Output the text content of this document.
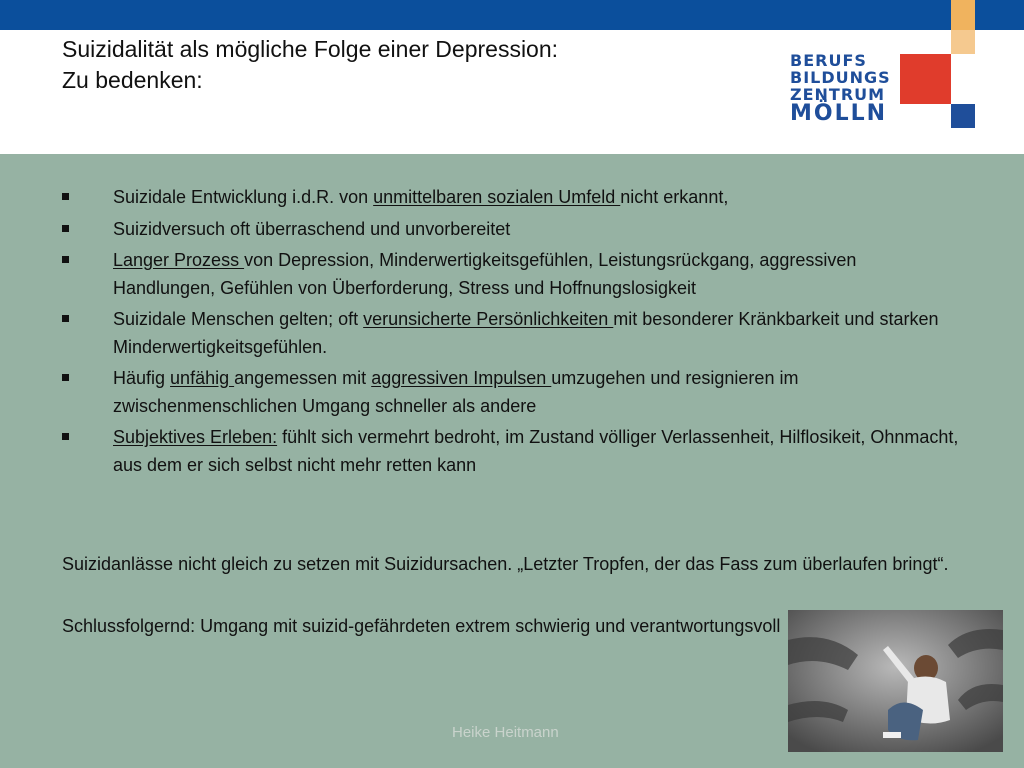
BERUFS
BILDUNGS
ZENTRUM
MÖLLN
Suizidalität als mögliche Folge einer Depression:
Zu bedenken:
Suizidale Entwicklung i.d.R. von unmittelbaren sozialen Umfeld nicht erkannt,
Suizidversuch oft überraschend und unvorbereitet
Langer Prozess von Depression, Minderwertigkeitsgefühlen, Leistungsrückgang, aggressiven Handlungen, Gefühlen von Überforderung, Stress und Hoffnungslosigkeit
Suizidale Menschen gelten; oft verunsicherte Persönlichkeiten mit besonderer Kränkbarkeit und starken Minderwertigkeitsgefühlen.
Häufig unfähig angemessen mit aggressiven Impulsen umzugehen und resignieren im zwischenmenschlichen Umgang schneller als andere
Subjektives Erleben: fühlt sich vermehrt bedroht, im Zustand völliger Verlassenheit, Hilflosikeit, Ohnmacht, aus dem er sich selbst nicht mehr retten kann

Suizidanlässe nicht gleich zu setzen mit Suizidursachen. „Letzter Tropfen, der das Fass zum überlaufen bringt“.

Schlussfolgernd: Umgang mit suizid-gefährdeten extrem schwierig und verantwortungsvoll

Heike Heitmann
